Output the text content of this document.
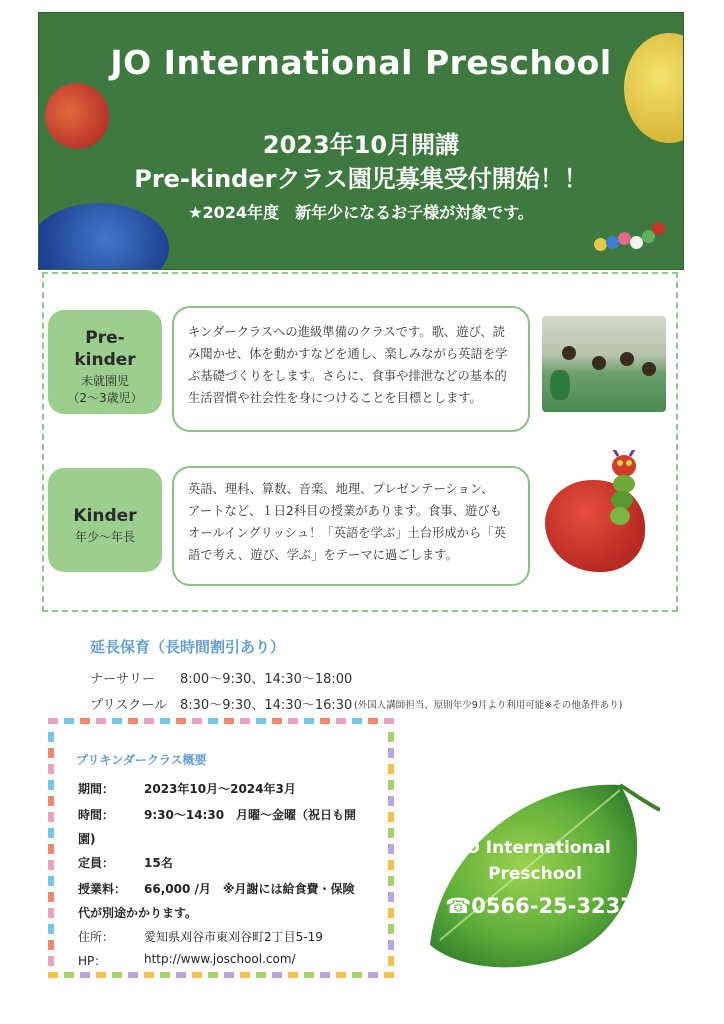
JO International Preschool
2023年10月開講
Pre-kinderクラス園児募集受付開始！！
★2024年度　新年少になるお子様が対象です。
Pre-
kinder
未就園児
（2～3歳児）
キンダークラスへの進級準備のクラスです。歌、遊び、読
み聞かせ、体を動かすなどを通し、楽しみながら英語を学
ぶ基礎づくりをします。さらに、食事や排泄などの基本的
生活習慣や社会性を身につけることを目標とします。
Kinder
年少～年長
英語、理科、算数、音楽、地理、プレゼンテーション、
アートなど、１日2科目の授業があります。食事、遊びも
オールイングリッシュ！「英語を学ぶ」土台形成から「英
語で考え、遊び、学ぶ」をテーマに過ごします。
延長保育（長時間割引あり）
ナーサリー 8:00～9:30、14:30～18:00
プリスクール 8:30～9:30、14:30～16:30 (外国人講師担当、原則年少9月より利用可能※その他条件あり)
プリキンダークラス概要
期間： 2023年10月～2024年3月
時間： 9:30～14:30　月曜～金曜（祝日も開
園)
定員： 15名
授業料： 66,000 /月　※月謝には給食費・保険
代が別途かかります。
住所： 愛知県刈谷市東刈谷町2丁目5-19
HP：	http://www.joschool.com/
JO International
Preschool
☎0566-25-3237
